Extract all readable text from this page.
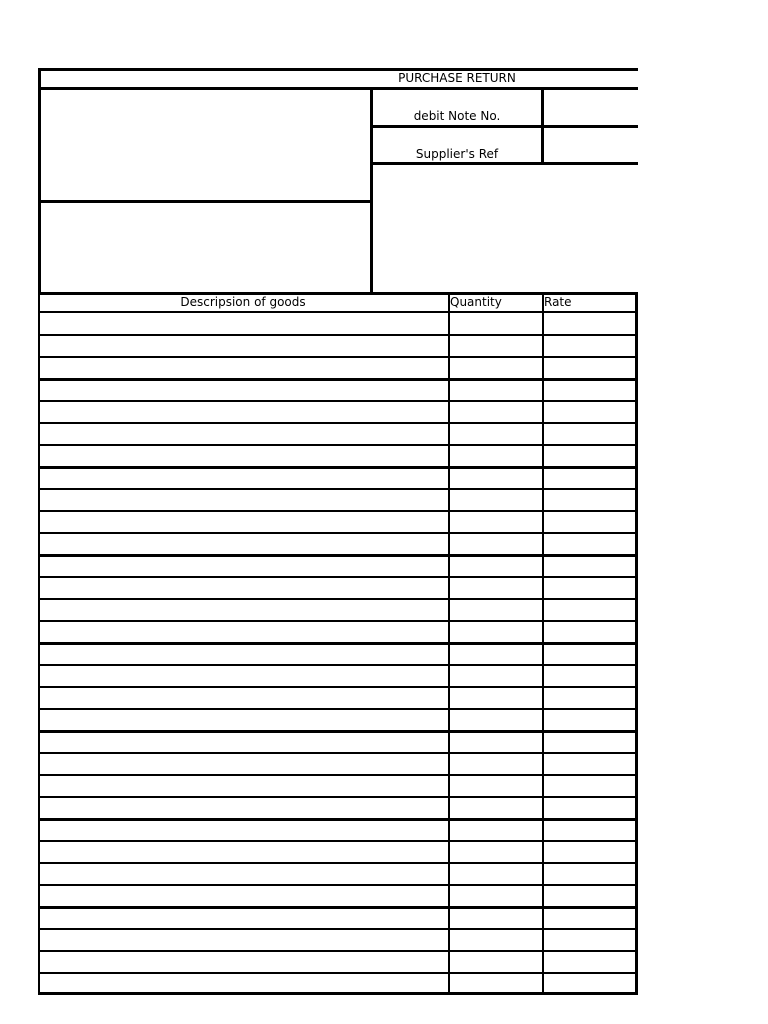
PURCHASE RETURN
debit Note No.
Supplier's Ref
Descripsion of goods	Quantity	Rate
